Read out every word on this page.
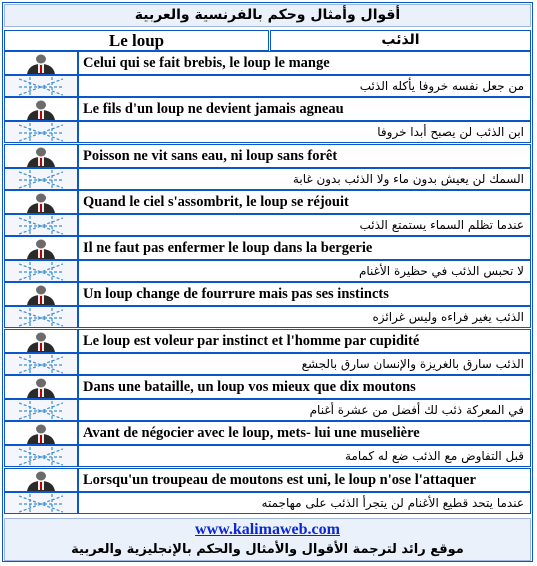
أقوال وأمثال وحكم بالفرنسية والعربية
Le loup	الذئب
Celui qui se fait brebis, le loup le mange
من جعل نفسه خروفا يأكله الذئب
Le fils d'un loup ne devient jamais agneau
ابن الذئب لن يصبح أبدا خروفا
Poisson ne vit sans eau, ni loup sans forêt
السمك لن يعيش بدون ماء ولا الذئب بدون غابة
Quand le ciel s'assombrit, le loup se réjouit
عندما تظلم السماء يستمتع الذئب
Il ne faut pas enfermer le loup dans la bergerie
لا تحبس الذئب في حظيرة الأغنام
Un loup change de fourrure mais pas ses instincts
الذئب يغير فراءه وليس غرائزه
Le loup est voleur par instinct et l'homme par cupidité
الذئب سارق بالغريزة والإنسان سارق بالجشع
Dans une bataille, un loup vos mieux que dix moutons
في المعركة ذئب لك أفضل من عشرة أغنام
Avant de négocier avec le loup, mets- lui une muselière
قبل التفاوض مع الذئب ضع له كمامة
Lorsqu'un troupeau de moutons est uni, le loup n'ose l'attaquer
عندما يتحد قطيع الأغنام لن يتجرأ الذئب على مهاجمته
www.kalimaweb.com
موقع رائد لترجمة الأقوال والأمثال والحكم بالإنجليزية والعربية
